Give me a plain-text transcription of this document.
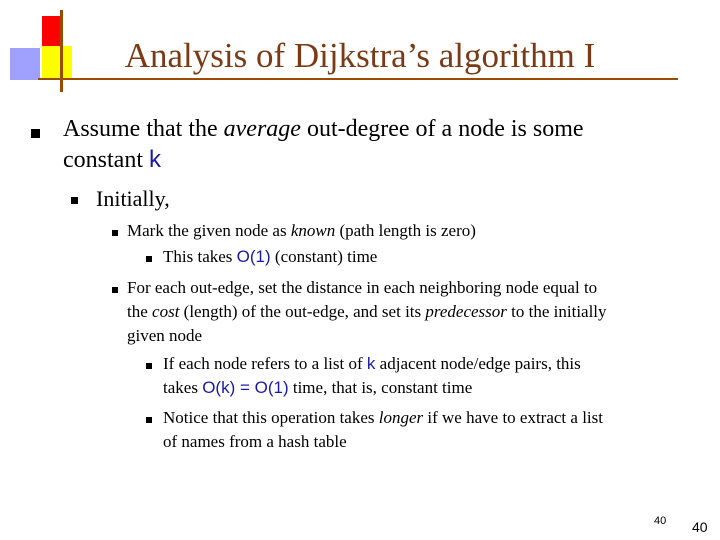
Analysis of Dijkstra’s algorithm I
Assume that the average out-degree of a node is some
constant k
Initially,
Mark the given node as known (path length is zero)
This takes O(1) (constant) time
For each out-edge, set the distance in each neighboring node equal to
the cost (length) of the out-edge, and set its predecessor to the initially
given node
If each node refers to a list of k adjacent node/edge pairs, this
takes O(k) = O(1) time, that is, constant time
Notice that this operation takes longer if we have to extract a list
of names from a hash table
40 40
